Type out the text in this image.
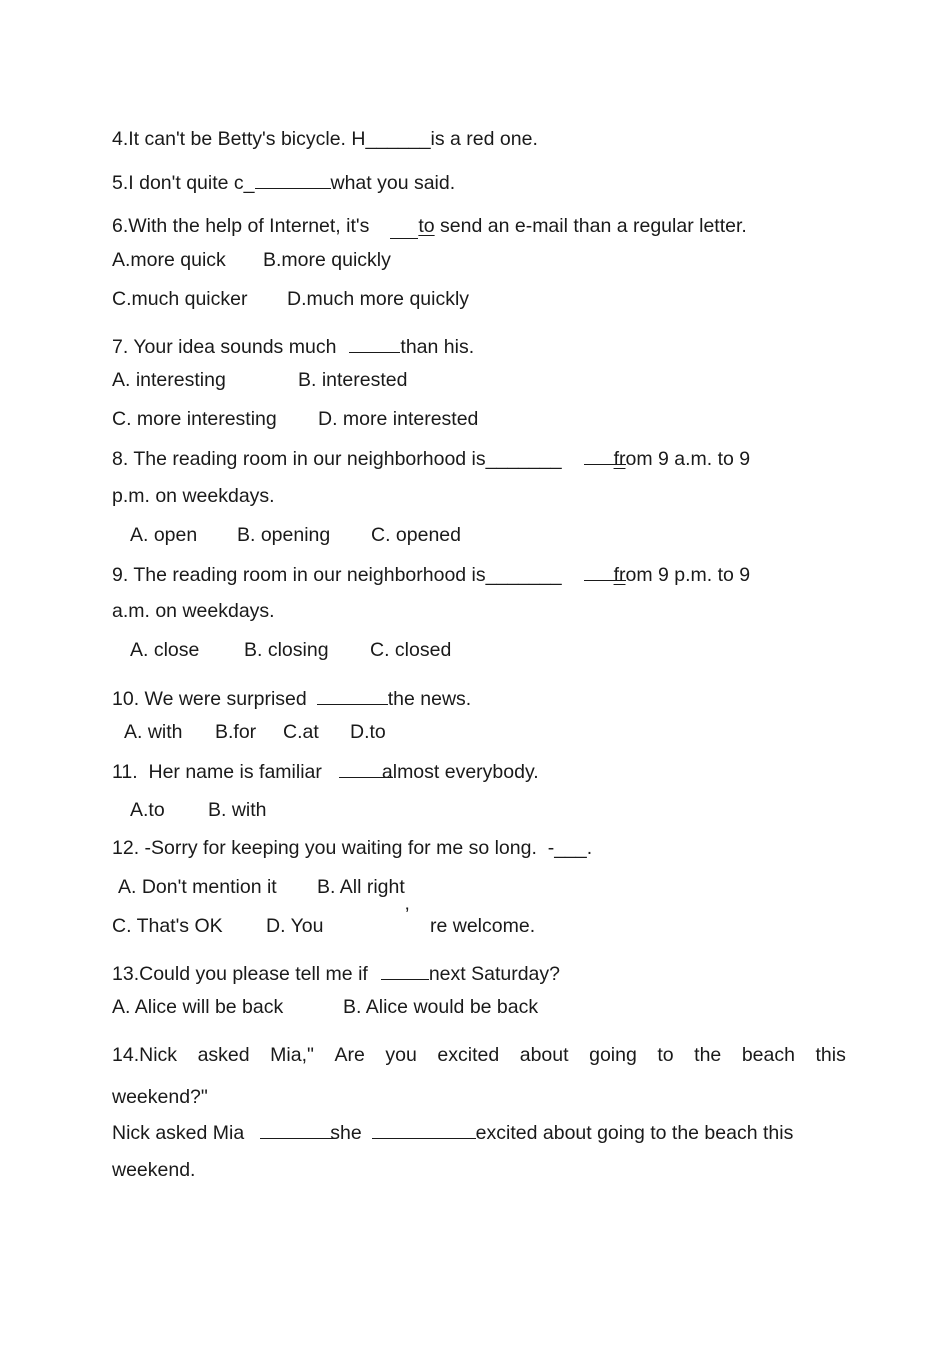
4.It can't be Betty's bicycle. H______is a red one.
5.I don't quite c_	what you said.
6.With the help of Internet, it's	to send an e-mail than a regular letter.
A.more quick B.more quickly
C.much quicker D.much more quickly
7. Your idea sounds much	than his.
A. interesting	B. interested
C. more interesting D. more interested
8. The reading room in our neighborhood is_______	from 9 a.m. to 9
p.m. on weekdays.
A. open B. opening C. opened
9. The reading room in our neighborhood is_______	from 9 p.m. to 9
a.m. on weekdays.
A. close B. closing C. closed
10. We were surprised	the news.
A. with B.for C.at D.to
11.  Her name is familiar	almost everybody.
A.to B. with
12. -Sorry for keeping you waiting for me so long.  -___.
A. Don't mention it B. All right
C. That's OK D. You	’ re welcome.
13.Could you please tell me if	next Saturday?
A. Alice will be back	B. Alice would be back
14.Nick asked Mia," Are you excited about going to the beach this
weekend?"
Nick asked Mia	she	excited about going to the beach this
weekend.
